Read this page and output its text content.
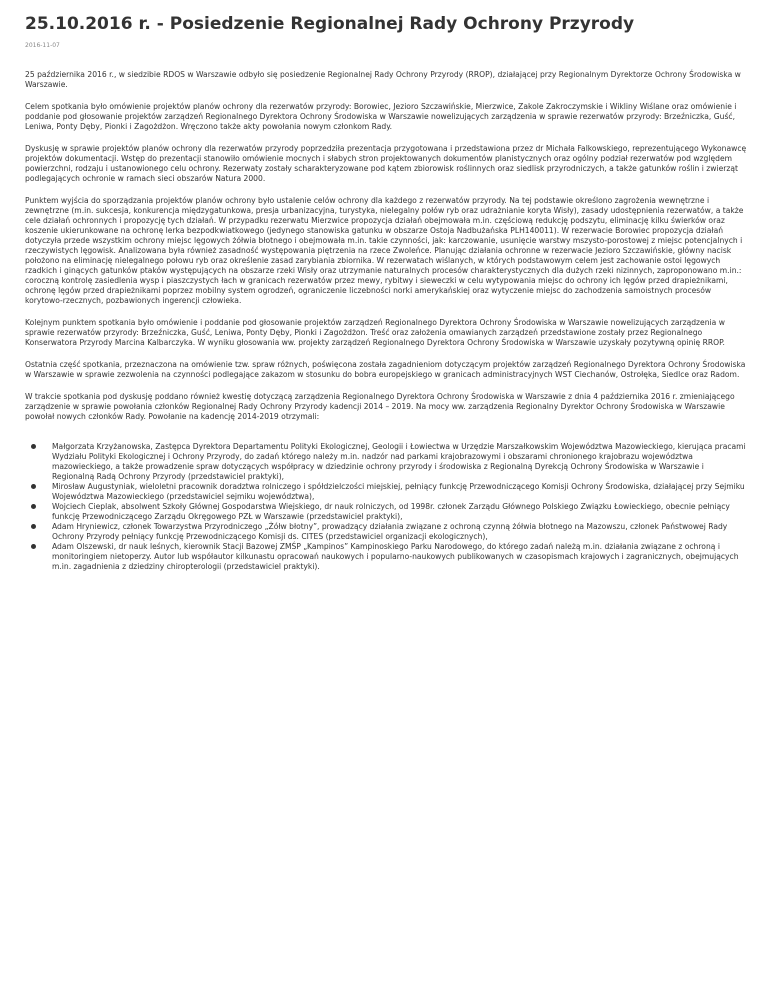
25.10.2016 r. - Posiedzenie Regionalnej Rady Ochrony Przyrody
2016-11-07

25 października 2016 r., w siedzibie RDOS w Warszawie odbyło się posiedzenie Regionalnej Rady Ochrony Przyrody (RROP), działającej przy Regionalnym Dyrektorze Ochrony Środowiska w Warszawie.

Celem spotkania było omówienie projektów planów ochrony dla rezerwatów przyrody: Borowiec, Jezioro Szczawińskie, Mierzwice, Zakole Zakroczymskie i Wikliny Wiślane oraz omówienie i poddanie pod głosowanie projektów zarządzeń Regionalnego Dyrektora Ochrony Środowiska w Warszawie nowelizujących zarządzenia w sprawie rezerwatów przyrody: Brzeźniczka, Guść, Leniwa, Ponty Dęby, Pionki i Zagożdżon. Wręczono także akty powołania nowym członkom Rady.

Dyskusję w sprawie projektów planów ochrony dla rezerwatów przyrody poprzedziła prezentacja przygotowana i przedstawiona przez dr Michała Falkowskiego, reprezentującego Wykonawcę projektów dokumentacji. Wstęp do prezentacji stanowiło omówienie mocnych i słabych stron projektowanych dokumentów planistycznych oraz ogólny podział rezerwatów pod względem powierzchni, rodzaju i ustanowionego celu ochrony. Rezerwaty zostały scharakteryzowane pod kątem zbiorowisk roślinnych oraz siedlisk przyrodniczych, a także gatunków roślin i zwierząt podlegających ochronie w ramach sieci obszarów Natura 2000.

Punktem wyjścia do sporządzania projektów planów ochrony było ustalenie celów ochrony dla każdego z rezerwatów przyrody. Na tej podstawie określono zagrożenia wewnętrzne i zewnętrzne (m.in. sukcesja, konkurencja międzygatunkowa, presja urbanizacyjna, turystyka, nielegalny połów ryb oraz udrażnianie koryta Wisły), zasady udostępnienia rezerwatów, a także cele działań ochronnych i propozycję tych działań. W przypadku rezerwatu Mierzwice propozycja działań obejmowała m.in. częściową redukcję podszytu, eliminację kilku świerków oraz koszenie ukierunkowane na ochronę lerka bezpodkwiatkowego (jedynego stanowiska gatunku w obszarze Ostoja Nadbużańska PLH140011). W rezerwacie Borowiec propozycja działań dotyczyła przede wszystkim ochrony miejsc lęgowych żółwia błotnego i obejmowała m.in. takie czynności, jak: karczowanie, usunięcie warstwy mszysto-porostowej z miejsc potencjalnych i rzeczywistych lęgowisk. Analizowana była również zasadność występowania piętrzenia na rzece Zwoleńce. Planując działania ochronne w rezerwacie Jezioro Szczawińskie, główny nacisk położono na eliminację nielegalnego połowu ryb oraz określenie zasad zarybiania zbiornika. W rezerwatach wiślanych, w których podstawowym celem jest zachowanie ostoi lęgowych rzadkich i ginących gatunków ptaków występujących na obszarze rzeki Wisły oraz utrzymanie naturalnych procesów charakterystycznych dla dużych rzeki nizinnych, zaproponowano m.in.: coroczną kontrolę zasiedlenia wysp i piaszczystych łach w granicach rezerwatów przez mewy, rybitwy i sieweczki w celu wytypowania miejsc do ochrony ich lęgów przed drapieżnikami, ochronę lęgów przed drapieżnikami poprzez mobilny system ogrodzeń, ograniczenie liczebności norki amerykańskiej oraz wytyczenie miejsc do zachodzenia samoistnych procesów korytowo-rzecznych, pozbawionych ingerencji człowieka.

Kolejnym punktem spotkania było omówienie i poddanie pod głosowanie projektów zarządzeń Regionalnego Dyrektora Ochrony Środowiska w Warszawie nowelizujących zarządzenia w sprawie rezerwatów przyrody: Brzeźniczka, Guść, Leniwa, Ponty Dęby, Pionki i Zagożdżon. Treść oraz założenia omawianych zarządzeń przedstawione zostały przez Regionalnego Konserwatora Przyrody Marcina Kalbarczyka. W wyniku głosowania ww. projekty zarządzeń Regionalnego Dyrektora Ochrony Środowiska w Warszawie uzyskały pozytywną opinię RROP.

Ostatnia część spotkania, przeznaczona na omówienie tzw. spraw różnych, poświęcona została zagadnieniom dotyczącym projektów zarządzeń Regionalnego Dyrektora Ochrony Środowiska w Warszawie w sprawie zezwolenia na czynności podlegające zakazom w stosunku do bobra europejskiego w granicach administracyjnych WST Ciechanów, Ostrołęka, Siedlce oraz Radom.

W trakcie spotkania pod dyskusję poddano również kwestię dotyczącą zarządzenia Regionalnego Dyrektora Ochrony Środowiska w Warszawie z dnia 4 października 2016 r. zmieniającego zarządzenie w sprawie powołania członków Regionalnej Rady Ochrony Przyrody kadencji 2014 – 2019. Na mocy ww. zarządzenia Regionalny Dyrektor Ochrony Środowiska w Warszawie powołał nowych członków Rady. Powołanie na kadencję 2014-2019 otrzymali:

Małgorzata Krzyżanowska, Zastępca Dyrektora Departamentu Polityki Ekologicznej, Geologii i Łowiectwa w Urzędzie Marszałkowskim Województwa Mazowieckiego, kierująca pracami Wydziału Polityki Ekologicznej i Ochrony Przyrody, do zadań którego należy m.in. nadzór nad parkami krajobrazowymi i obszarami chronionego krajobrazu województwa mazowieckiego, a także prowadzenie spraw dotyczących współpracy w dziedzinie ochrony przyrody i środowiska z Regionalną Dyrekcją Ochrony Środowiska w Warszawie i Regionalną Radą Ochrony Przyrody (przedstawiciel praktyki),
Mirosław Augustyniak, wieloletni pracownik doradztwa rolniczego i spółdzielczości miejskiej, pełniący funkcję Przewodniczącego Komisji Ochrony Środowiska, działającej przy Sejmiku Województwa Mazowieckiego (przedstawiciel sejmiku województwa),
Wojciech Cieplak, absolwent Szkoły Głównej Gospodarstwa Wiejskiego, dr nauk rolniczych, od 1998r. członek Zarządu Głównego Polskiego Związku Łowieckiego, obecnie pełniący funkcję Przewodniczącego Zarządu Okręgowego PZŁ w Warszawie (przedstawiciel praktyki),
Adam Hryniewicz, członek Towarzystwa Przyrodniczego „Żółw błotny”, prowadzący działania związane z ochroną czynną żółwia błotnego na Mazowszu, członek Państwowej Rady Ochrony Przyrody pełniący funkcję Przewodniczącego Komisji ds. CITES (przedstawiciel organizacji ekologicznych),
Adam Olszewski, dr nauk leśnych, kierownik Stacji Bazowej ZMŚP „Kampinos” Kampinoskiego Parku Narodowego, do którego zadań należą m.in. działania związane z ochroną i monitoringiem nietoperzy. Autor lub współautor kilkunastu opracowań naukowych i popularno-naukowych publikowanych w czasopismach krajowych i zagranicznych, obejmujących m.in. zagadnienia z dziedziny chiropterologii (przedstawiciel praktyki).
